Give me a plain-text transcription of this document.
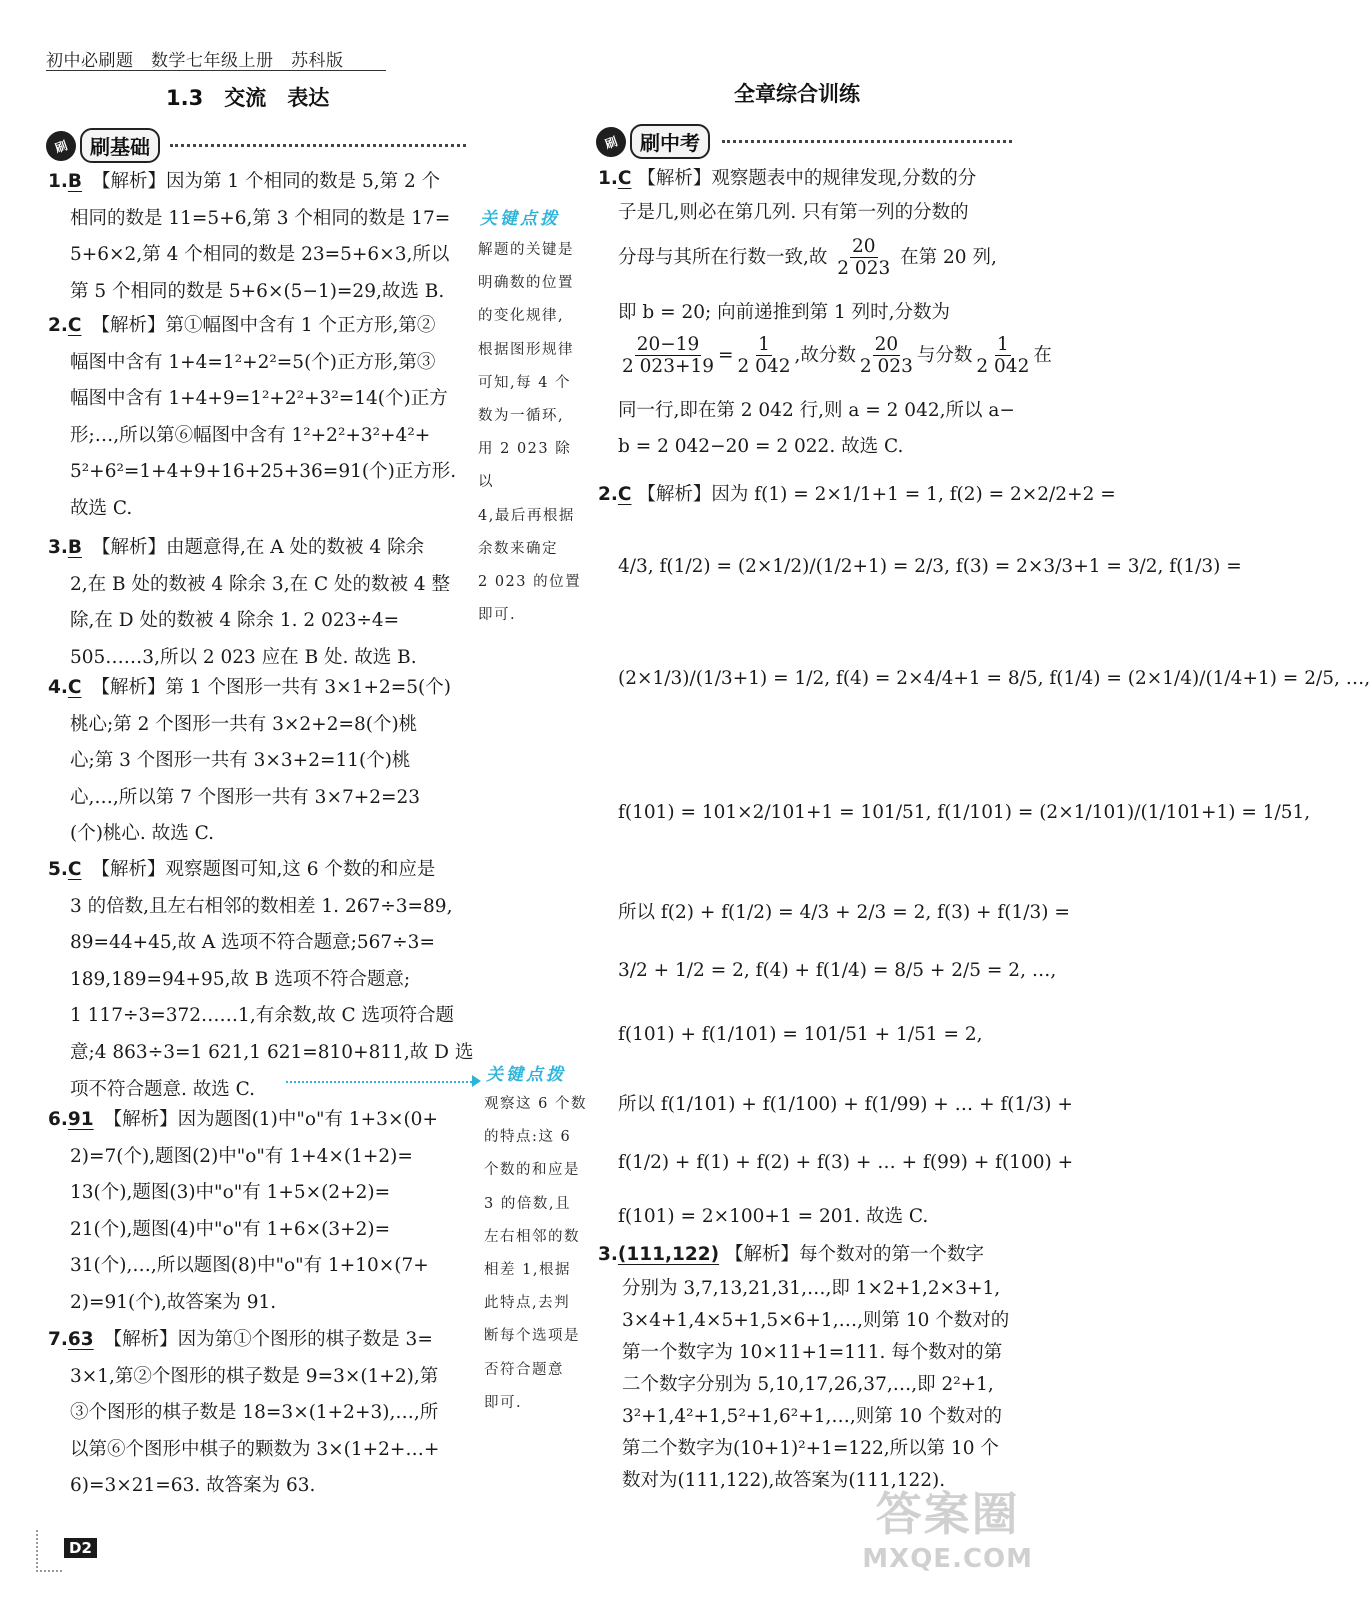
初中必刷题　数学七年级上册　苏科版
1.3　交流　表达
刷	刷基础
1.B 【解析】因为第 1 个相同的数是 5,第 2 个
相同的数是 11=5+6,第 3 个相同的数是 17=
5+6×2,第 4 个相同的数是 23=5+6×3,所以
第 5 个相同的数是 5+6×(5−1)=29,故选 B.
2.C 【解析】第①幅图中含有 1 个正方形,第②
幅图中含有 1+4=1²+2²=5(个)正方形,第③
幅图中含有 1+4+9=1²+2²+3²=14(个)正方
形;…,所以第⑥幅图中含有 1²+2²+3²+4²+
5²+6²=1+4+9+16+25+36=91(个)正方形.
故选 C.
3.B 【解析】由题意得,在 A 处的数被 4 除余
2,在 B 处的数被 4 除余 3,在 C 处的数被 4 整
除,在 D 处的数被 4 除余 1. 2 023÷4=
505……3,所以 2 023 应在 B 处. 故选 B.
4.C 【解析】第 1 个图形一共有 3×1+2=5(个)
桃心;第 2 个图形一共有 3×2+2=8(个)桃
心;第 3 个图形一共有 3×3+2=11(个)桃
心,…,所以第 7 个图形一共有 3×7+2=23
(个)桃心. 故选 C.
5.C 【解析】观察题图可知,这 6 个数的和应是
3 的倍数,且左右相邻的数相差 1. 267÷3=89,
89=44+45,故 A 选项不符合题意;567÷3=
189,189=94+95,故 B 选项不符合题意;
1 117÷3=372……1,有余数,故 C 选项符合题
意;4 863÷3=1 621,1 621=810+811,故 D 选
项不符合题意. 故选 C.
6.91 【解析】因为题图(1)中"o"有 1+3×(0+
2)=7(个),题图(2)中"o"有 1+4×(1+2)=
13(个),题图(3)中"o"有 1+5×(2+2)=
21(个),题图(4)中"o"有 1+6×(3+2)=
31(个),…,所以题图(8)中"o"有 1+10×(7+
2)=91(个),故答案为 91.
7.63 【解析】因为第①个图形的棋子数是 3=
3×1,第②个图形的棋子数是 9=3×(1+2),第
③个图形的棋子数是 18=3×(1+2+3),…,所
以第⑥个图形中棋子的颗数为 3×(1+2+…+
6)=3×21=63. 故答案为 63.
关键点拨
解题的关键是
明确数的位置
的变化规律,
根据图形规律
可知,每 4 个
数为一循环,
用 2 023 除以
4,最后再根据
余数来确定
2 023 的位置
即可.
关键点拨
观察这 6 个数
的特点:这 6
个数的和应是
3 的倍数,且
左右相邻的数
相差 1,根据
此特点,去判
断每个选项是
否符合题意
即可.
全章综合训练
刷	刷中考
1.C 【解析】观察题表中的规律发现,分数的分
子是几,则必在第几列. 只有第一列的分数的
分母与其所在行数一致,故 $\frac{20}{2 023}$ 在第 20 列,
即 b = 20; 向前递推到第 1 列时,分数为
$\frac{20-19}{2 023+19} = \frac{1}{2 042}$ ,故分数 $\frac{20}{2 023}$ 与分数 $\frac{1}{2 042}$ 在
同一行,即在第 2 042 行,则 a = 2 042,所以 a−
b = 2 042−20 = 2 022. 故选 C.
2.C 【解析】因为 f(1) = 2×1/1+1 = 1, f(2) = 2×2/2+2 =
4/3, f(1/2) = (2×1/2)/(1/2+1) = 2/3, f(3) = 2×3/3+1 = 3/2, f(1/3) =
(2×1/3)/(1/3+1) = 1/2, f(4) = 2×4/4+1 = 8/5, f(1/4) = (2×1/4)/(1/4+1) = 2/5, …,
f(101) = 101×2/101+1 = 101/51, f(1/101) = (2×1/101)/(1/101+1) = 1/51,
所以 f(2) + f(1/2) = 4/3 + 2/3 = 2, f(3) + f(1/3) =
3/2 + 1/2 = 2, f(4) + f(1/4) = 8/5 + 2/5 = 2, …,
f(101) + f(1/101) = 101/51 + 1/51 = 2,
所以 f(1/101) + f(1/100) + f(1/99) + … + f(1/3) +
f(1/2) + f(1) + f(2) + f(3) + … + f(99) + f(100) +
f(101) = 2×100+1 = 201. 故选 C.
3.(111,122) 【解析】每个数对的第一个数字
分别为 3,7,13,21,31,…,即 1×2+1,2×3+1,
3×4+1,4×5+1,5×6+1,…,则第 10 个数对的
第一个数字为 10×11+1=111. 每个数对的第
二个数字分别为 5,10,17,26,37,…,即 2²+1,
3²+1,4²+1,5²+1,6²+1,…,则第 10 个数对的
第二个数字为(10+1)²+1=122,所以第 10 个
数对为(111,122),故答案为(111,122).
D2
答案圈
MXQE.COM
